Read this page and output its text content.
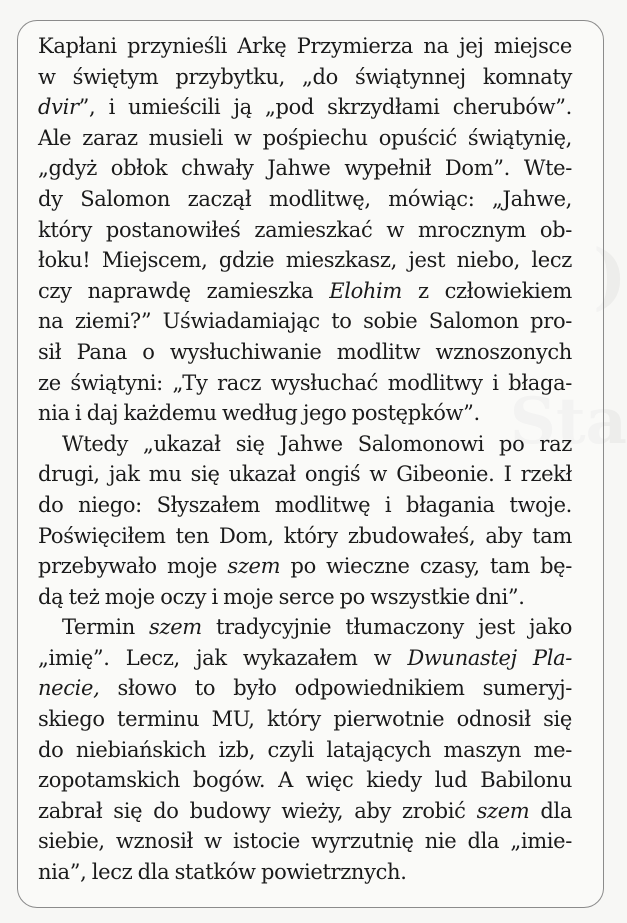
)
Sta
Kapłani przynieśli Arkę Przymierza na jej miejsce
w świętym przybytku, „do świątynnej komnaty
dvir”, i umieścili ją „pod skrzydłami cherubów”.
Ale zaraz musieli w pośpiechu opuścić świątynię,
„gdyż obłok chwały Jahwe wypełnił Dom”. Wte-
dy Salomon zaczął modlitwę, mówiąc: „Jahwe,
który postanowiłeś zamieszkać w mrocznym ob-
łoku! Miejscem, gdzie mieszkasz, jest niebo, lecz
czy naprawdę zamieszka Elohim z człowiekiem
na ziemi?” Uświadamiając to sobie Salomon pro-
sił Pana o wysłuchiwanie modlitw wznoszonych
ze świątyni: „Ty racz wysłuchać modlitwy i błaga-
nia i daj każdemu według jego postępków”.
Wtedy „ukazał się Jahwe Salomonowi po raz
drugi, jak mu się ukazał ongiś w Gibeonie. I rzekł
do niego: Słyszałem modlitwę i błagania twoje.
Poświęciłem ten Dom, który zbudowałeś, aby tam
przebywało moje szem po wieczne czasy, tam bę-
dą też moje oczy i moje serce po wszystkie dni”.
Termin szem tradycyjnie tłumaczony jest jako
„imię”. Lecz, jak wykazałem w Dwunastej Pla-
necie, słowo to było odpowiednikiem sumeryj-
skiego terminu MU, który pierwotnie odnosił się
do niebiańskich izb, czyli latających maszyn me-
zopotamskich bogów. A więc kiedy lud Babilonu
zabrał się do budowy wieży, aby zrobić szem dla
siebie, wznosił w istocie wyrzutnię nie dla „imie-
nia”, lecz dla statków powietrznych.
